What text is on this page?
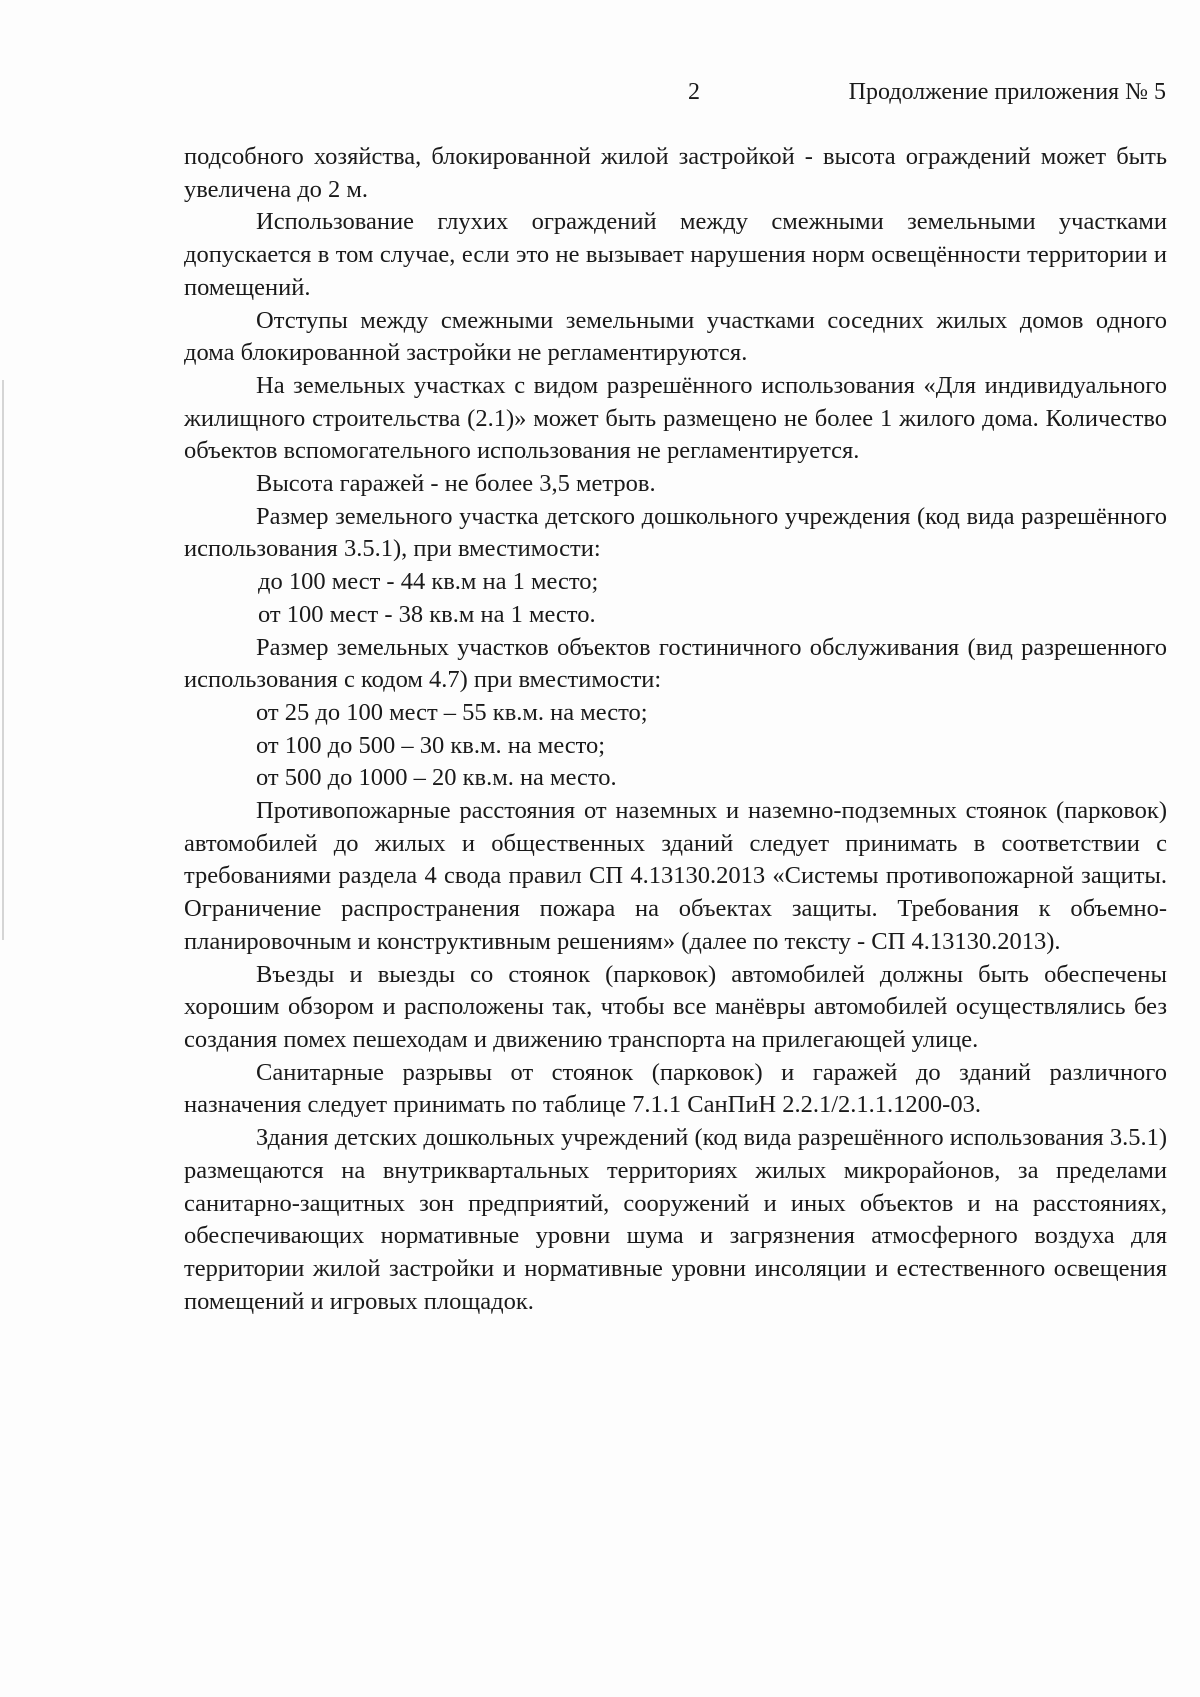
2	Продолжение приложения № 5

подсобного хозяйства, блокированной жилой застройкой - высота ограждений может быть увеличена до 2 м.

Использование глухих ограждений между смежными земельными участками допускается в том случае, если это не вызывает нарушения норм освещённости территории и помещений.

Отступы между смежными земельными участками соседних жилых домов одного дома блокированной застройки не регламентируются.

На земельных участках с видом разрешённого использования «Для индивидуального жилищного строительства (2.1)» может быть размещено не более 1 жилого дома. Количество объектов вспомогательного использования не регламентируется.

Высота гаражей - не более 3,5 метров.

Размер земельного участка детского дошкольного учреждения (код вида разрешённого использования 3.5.1), при вместимости:

до 100 мест - 44 кв.м на 1 место;

от 100 мест - 38 кв.м на 1 место.

Размер земельных участков объектов гостиничного обслуживания (вид разрешенного использования с кодом 4.7) при вместимости:

от 25 до 100 мест – 55 кв.м. на место;

от 100 до 500 – 30 кв.м. на место;

от 500 до 1000 – 20 кв.м. на место.

Противопожарные расстояния от наземных и наземно-подземных стоянок (парковок) автомобилей до жилых и общественных зданий следует принимать в соответствии с требованиями раздела 4 свода правил СП 4.13130.2013 «Системы противопожарной защиты. Ограничение распространения пожара на объектах защиты. Требования к объемно- планировочным и конструктивным решениям» (далее по тексту - СП 4.13130.2013).

Въезды и выезды со стоянок (парковок) автомобилей должны быть обеспечены хорошим обзором и расположены так, чтобы все манёвры автомобилей осуществлялись без создания помех пешеходам и движению транспорта на прилегающей улице.

Санитарные разрывы от стоянок (парковок) и гаражей до зданий различного назначения следует принимать по таблице 7.1.1 СанПиН 2.2.1/2.1.1.1200-03.

Здания детских дошкольных учреждений (код вида разрешённого использования 3.5.1) размещаются на внутриквартальных территориях жилых микрорайонов, за пределами санитарно-защитных зон предприятий, сооружений и иных объектов и на расстояниях, обеспечивающих нормативные уровни шума и загрязнения атмосферного воздуха для территории жилой застройки и нормативные уровни инсоляции и естественного освещения помещений и игровых площадок.
